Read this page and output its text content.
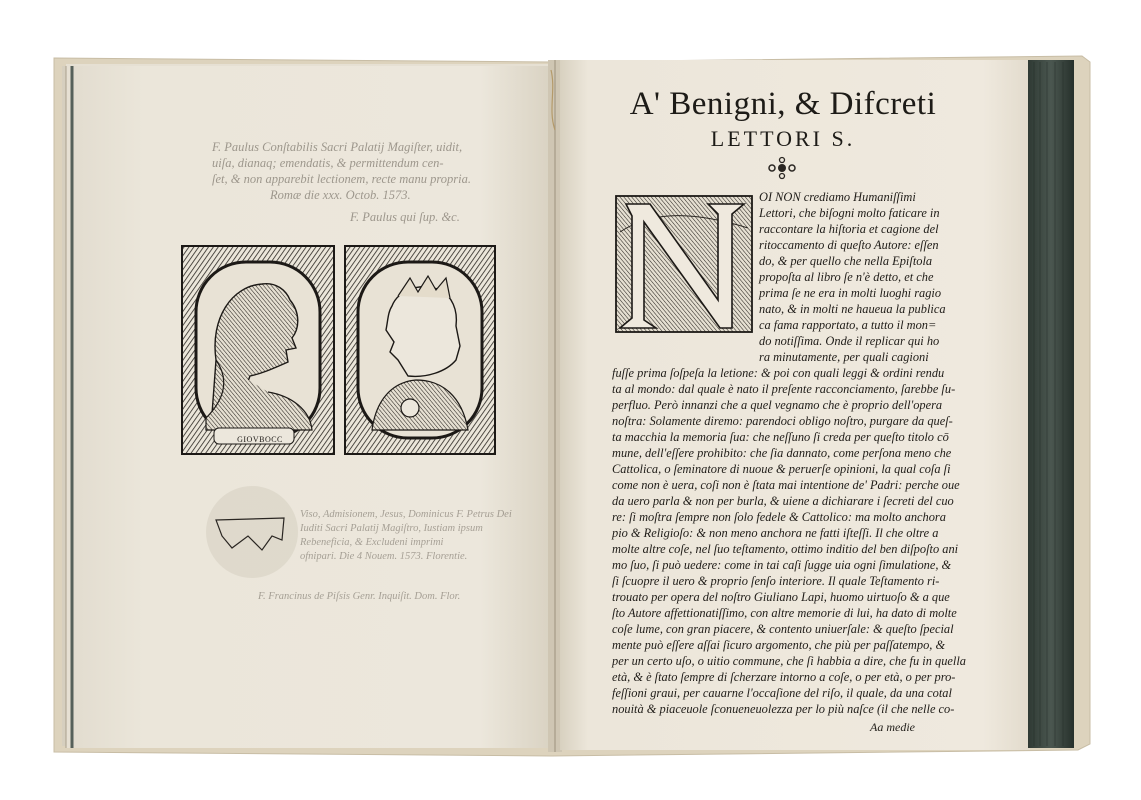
A' Benigni, & Difcreti
LETTORI S.

OI NON crediamo Humaniſſimi

Lettori, che biſogni molto faticare in

raccontare la hiſtoria et cagione del

ritoccamento di queſto Autore: eſſen

do, & per quello che nella Epiſtola

propoſta al libro ſe n'è detto, et che

prima ſe ne era in molti luoghi ragio

nato, & in molti ne haueua la publica

ca fama rapportato, a tutto il mon=

do notiſſima. Onde il replicar qui ho

ra minutamente, per quali cagioni

fuſſe prima ſoſpeſa la letione: & poi con quali leggi & ordini rendu

ta al mondo: dal quale è nato il preſente racconciamento, ſarebbe ſu-

perfluo. Però innanzi che a quel vegnamo che è proprio dell'opera

noſtra: Solamente diremo: parendoci obligo noſtro, purgare da queſ-

ta macchia la memoria ſua: che neſſuno ſi creda per queſto titolo cō

mune, dell'eſſere prohibito: che ſia dannato, come perſona meno che

Cattolica, o ſeminatore di nuoue & peruerſe opinioni, la qual coſa ſi

come non è uera, coſi non è ſtata mai intentione de' Padri: perche oue

da uero parla & non per burla, & uiene a dichiarare i ſecreti del cuo

re: ſi moſtra ſempre non ſolo fedele & Cattolico: ma molto anchora

pio & Religioſo: & non meno anchora ne fatti iſteſſi. Il che oltre a

molte altre coſe, nel ſuo teſtamento, ottimo inditio del ben diſpoſto ani

mo ſuo, ſi può uedere: come in tai caſi ſugge uia ogni ſimulatione, &

ſi ſcuopre il uero & proprio ſenſo interiore. Il quale Teſtamento ri-

trouato per opera del noſtro Giuliano Lapi, huomo uirtuoſo & a que

ſto Autore affettionatiſſimo, con altre memorie di lui, ha dato di molte

coſe lume, con gran piacere, & contento uniuerſale: & queſto ſpecial

mente può eſſere aſſai ſicuro argomento, che più per paſſatempo, &

per un certo uſo, o uitio commune, che ſi habbia a dire, che fu in quella

età, & è ſtato ſempre di ſcherzare intorno a coſe, o per età, o per pro-

feſſioni graui, per cauarne l'occaſione del riſo, il quale, da una cotal

nouità & piaceuole ſconueneuolezza per lo più naſce (il che nelle co-

Aa medie

F. Paulus Conſtabilis Sacri Palatij Magiſter, uidit,

uiſa, dianaq; emendatis, & permittendum cen-

ſet, & non apparebit lectionem, recte manu propria.

Romæ die xxx. Octob. 1573.

F. Paulus qui ſup. &c.

GIOVBOCC

Viso, Admisionem, Jesus, Dominicus F. Petrus Dei

Iuditi Sacri Palatij Magiſtro, Iustiam ipsum

Rebeneficia, & Excludeni imprimi

ofnipari. Die 4 Nouem. 1573. Florentie.

F. Francinus de Piſsis Genr. Inquiſit. Dom. Flor.
